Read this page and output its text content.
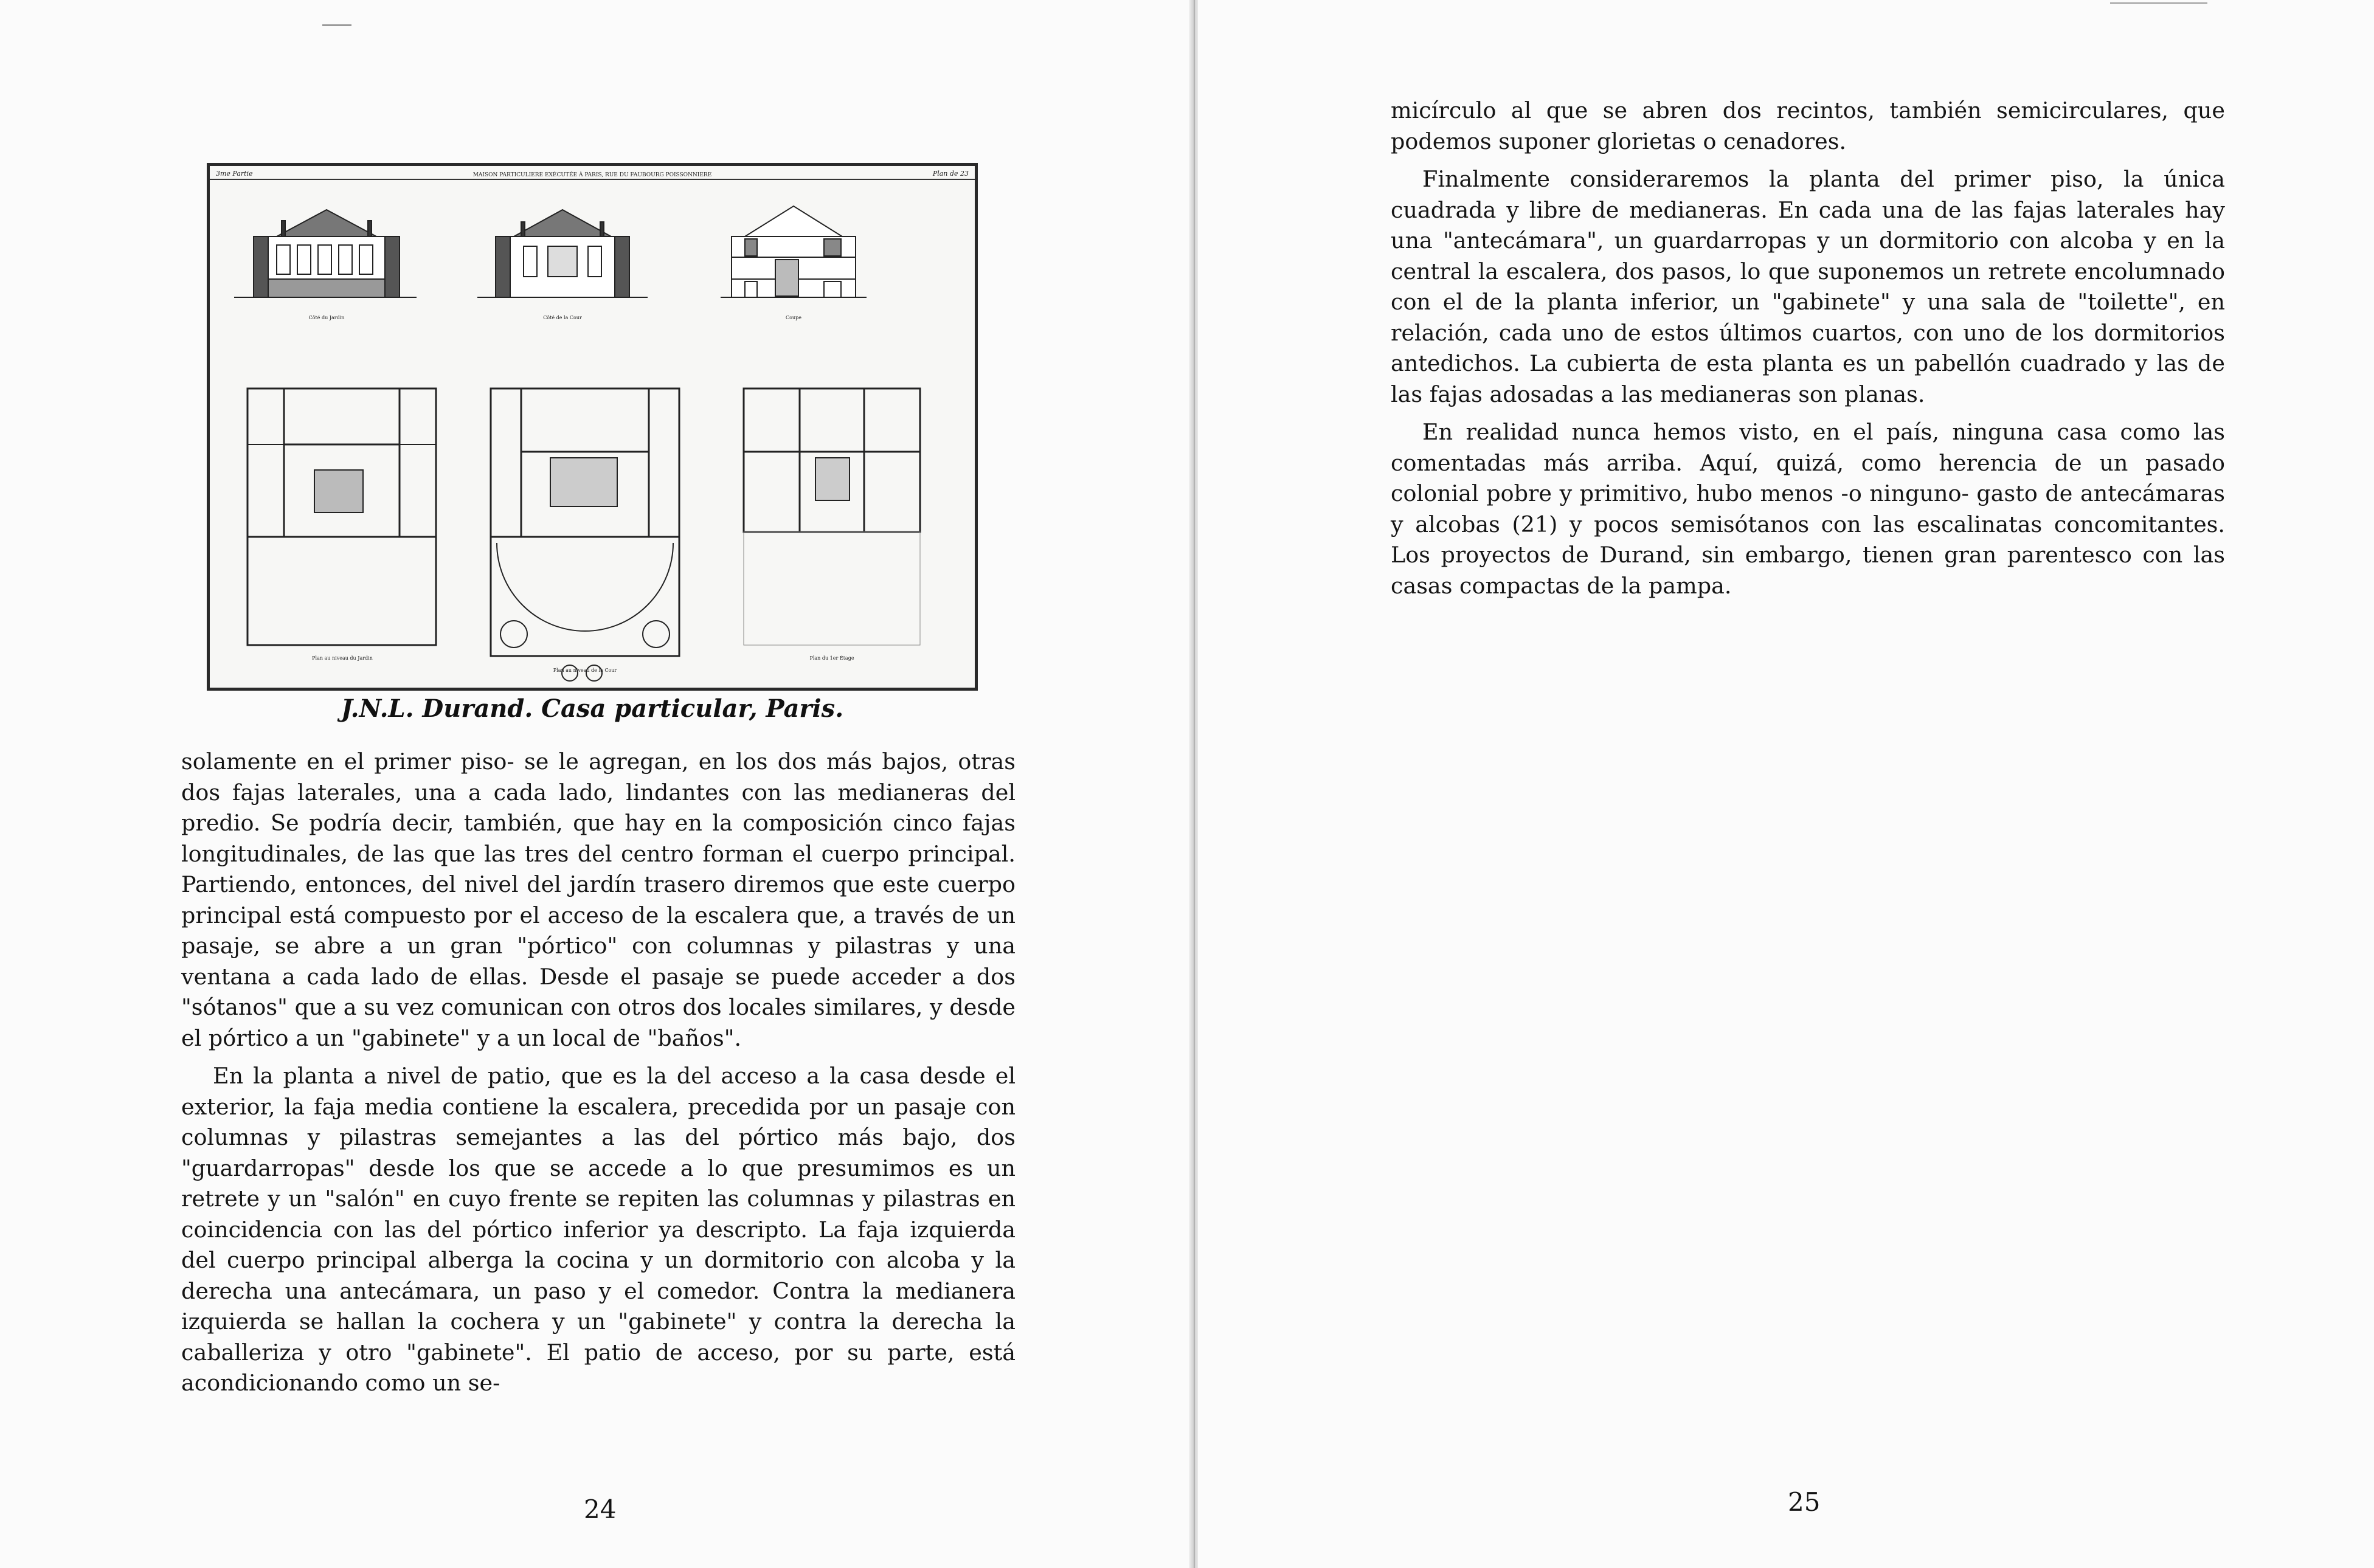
3me Partie	MAISON PARTICULIERE EXÉCUTÉE À PARIS, RUE DU FAUBOURG POISSONNIERE	Plan de 23
Côté du Jardin	Côté de la Cour	Coupe
Plan au niveau du Jardin
Plan au niveau de la Cour
Plan du 1er Étage
J.N.L. Durand. Casa particular, Paris.

solamente en el primer piso- se le agregan, en los dos más bajos, otras dos fajas laterales, una a cada lado, lindantes con las medianeras del predio. Se podría decir, también, que hay en la composición cinco fajas longitudinales, de las que las tres del centro forman el cuerpo principal. Partiendo, entonces, del nivel del jardín trasero diremos que este cuerpo principal está compuesto por el acceso de la escalera que, a través de un pasaje, se abre a un gran "pórtico" con columnas y pilastras y una ventana a cada lado de ellas. Desde el pasaje se puede acceder a dos "sótanos" que a su vez comunican con otros dos locales similares, y desde el pórtico a un "gabinete" y a un local de "baños".

En la planta a nivel de patio, que es la del acceso a la casa desde el exterior, la faja media contiene la escalera, precedida por un pasaje con columnas y pilastras semejantes a las del pórtico más bajo, dos "guardarropas" desde los que se accede a lo que presumimos es un retrete y un "salón" en cuyo frente se repiten las columnas y pilastras en coincidencia con las del pórtico inferior ya descripto. La faja izquierda del cuerpo principal alberga la cocina y un dormitorio con alcoba y la derecha una antecámara, un paso y el comedor. Contra la medianera izquierda se hallan la cochera y un "gabinete" y contra la derecha la caballeriza y otro "gabinete". El patio de acceso, por su parte, está acondicionando como un se-

24

micírculo al que se abren dos recintos, también semicirculares, que podemos suponer glorietas o cenadores.

Finalmente consideraremos la planta del primer piso, la única cuadrada y libre de medianeras. En cada una de las fajas laterales hay una "antecámara", un guardarropas y un dormitorio con alcoba y en la central la escalera, dos pasos, lo que suponemos un retrete encolumnado con el de la planta inferior, un "gabinete" y una sala de "toilette", en relación, cada uno de estos últimos cuartos, con uno de los dormitorios antedichos. La cubierta de esta planta es un pabellón cuadrado y las de las fajas adosadas a las medianeras son planas.

En realidad nunca hemos visto, en el país, ninguna casa como las comentadas más arriba. Aquí, quizá, como herencia de un pasado colonial pobre y primitivo, hubo menos -o ninguno- gasto de antecámaras y alcobas (21) y pocos semisótanos con las escalinatas concomitantes. Los proyectos de Durand, sin embargo, tienen gran parentesco con las casas compactas de la pampa.

25
